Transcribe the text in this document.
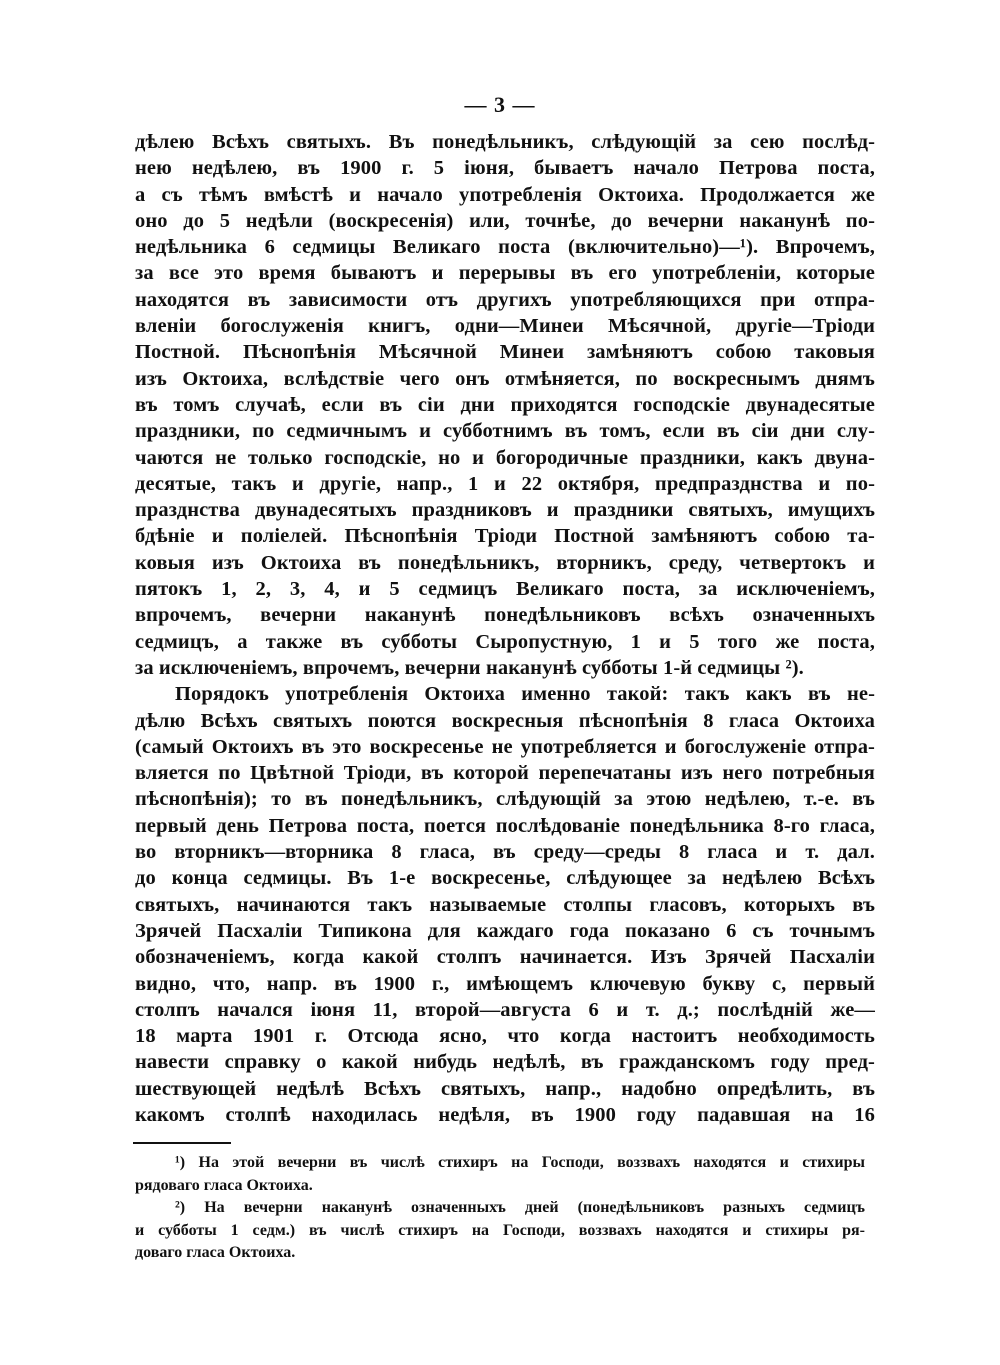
— 3 —
дѣлею Всѣхъ святыхъ. Въ понедѣльникъ, слѣдующій за сею послѣд-
нею недѣлею, въ 1900 г. 5 іюня, бываетъ начало Петрова поста,
а съ тѣмъ вмѣстѣ и начало употребленія Октоиха. Продолжается же
оно до 5 недѣли (воскресенія) или, точнѣе, до вечерни наканунѣ по-
недѣльника 6 седмицы Великаго поста (включительно)—¹). Впрочемъ,
за все это время бываютъ и перерывы въ его употребленіи, которые
находятся въ зависимости отъ другихъ употребляющихся при отпра-
вленіи богослуженія книгъ, одни—Минеи Мѣсячной, другіе—Тріоди
Постной. Пѣснопѣнія Мѣсячной Минеи замѣняютъ собою таковыя
изъ Октоиха, вслѣдствіе чего онъ отмѣняется, по воскреснымъ днямъ
въ томъ случаѣ, если въ сіи дни приходятся господскіе двунадесятые
праздники, по седмичнымъ и субботнимъ въ томъ, если въ сіи дни слу-
чаются не только господскіе, но и богородичные праздники, какъ двуна-
десятые, такъ и другіе, напр., 1 и 22 октября, предпразднства и по-
празднства двунадесятыхъ праздниковъ и праздники святыхъ, имущихъ
бдѣніе и поліелей. Пѣснопѣнія Тріоди Постной замѣняютъ собою та-
ковыя изъ Октоиха въ понедѣльникъ, вторникъ, среду, четвертокъ и
пятокъ 1, 2, 3, 4, и 5 седмицъ Великаго поста, за исключеніемъ,
впрочемъ, вечерни наканунѣ понедѣльниковъ всѣхъ означенныхъ
седмицъ, а также въ субботы Сыропустную, 1 и 5 того же поста,
за исключеніемъ, впрочемъ, вечерни наканунѣ субботы 1-й седмицы ²).
Порядокъ употребленія Октоиха именно такой: такъ какъ въ не-
дѣлю Всѣхъ святыхъ поются воскресныя пѣснопѣнія 8 гласа Октоиха
(самый Октоихъ въ это воскресенье не употребляется и богослуженіе отпра-
вляется по Цвѣтной Тріоди, въ которой перепечатаны изъ него потребныя
пѣснопѣнія); то въ понедѣльникъ, слѣдующій за этою недѣлею, т.-е. въ
первый день Петрова поста, поется послѣдованіе понедѣльника 8-го гласа,
во вторникъ—вторника 8 гласа, въ среду—среды 8 гласа и т. дал.
до конца седмицы. Въ 1-е воскресенье, слѣдующее за недѣлею Всѣхъ
святыхъ, начинаются такъ называемые столпы гласовъ, которыхъ въ
Зрячей Пасхаліи Типикона для каждаго года показано 6 съ точнымъ
обозначеніемъ, когда какой столпъ начинается. Изъ Зрячей Пасхаліи
видно, что, напр. въ 1900 г., имѣющемъ ключевую букву с, первый
столпъ начался іюня 11, второй—августа 6 и т. д.; послѣдній же—
18 марта 1901 г. Отсюда ясно, что когда настоитъ необходимость
навести справку о какой нибудь недѣлѣ, въ гражданскомъ году пред-
шествующей недѣлѣ Всѣхъ святыхъ, напр., надобно опредѣлить, въ
какомъ столпѣ находилась недѣля, въ 1900 году падавшая на 16
¹) На этой вечерни въ числѣ стихиръ на Господи, воззвахъ находятся и стихиры
рядоваго гласа Октоиха.
²) На вечерни наканунѣ означенныхъ дней (понедѣльниковъ разныхъ седмицъ
и субботы 1 седм.) въ числѣ стихиръ на Господи, воззвахъ находятся и стихиры ря-
доваго гласа Октоиха.
